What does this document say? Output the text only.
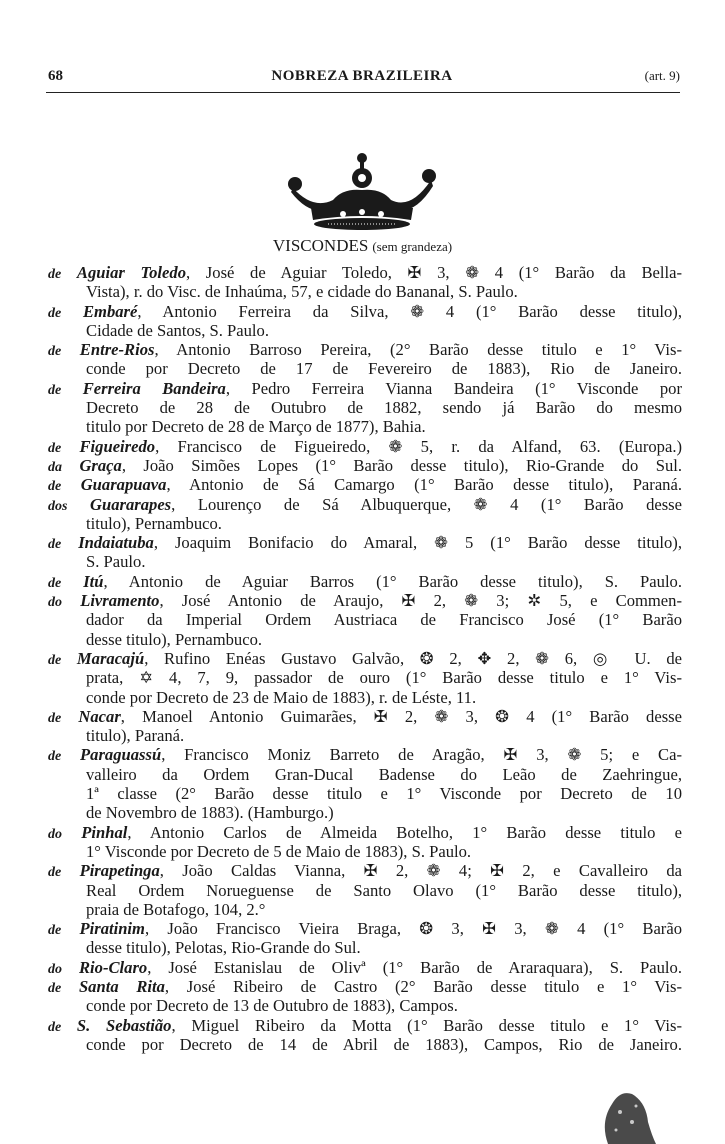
68	NOBREZA BRAZILEIRA	(art. 9)
VISCONDES (sem grandeza)
de Aguiar Toledo, José de Aguiar Toledo, ✠ 3, ❁ 4 (1° Barão da Bella-
Vista), r. do Visc. de Inhaúma, 57, e cidade do Bananal, S. Paulo.
de Embaré, Antonio Ferreira da Silva, ❁ 4 (1° Barão desse titulo),
Cidade de Santos, S. Paulo.
de Entre-Rios, Antonio Barroso Pereira, (2° Barão desse titulo e 1° Vis-
conde por Decreto de 17 de Fevereiro de 1883), Rio de Janeiro.
de Ferreira Bandeira, Pedro Ferreira Vianna Bandeira (1° Visconde por
Decreto de 28 de Outubro de 1882, sendo já Barão do mesmo
titulo por Decreto de 28 de Março de 1877), Bahia.
de Figueiredo, Francisco de Figueiredo, ❁ 5, r. da Alfand, 63. (Europa.)
da Graça, João Simões Lopes (1° Barão desse titulo), Rio-Grande do Sul.
de Guarapuava, Antonio de Sá Camargo (1° Barão desse titulo), Paraná.
dos Guararapes, Lourenço de Sá Albuquerque, ❁ 4 (1° Barão desse
titulo), Pernambuco.
de Indaiatuba, Joaquim Bonifacio do Amaral, ❁ 5 (1° Barão desse titulo),
S. Paulo.
de Itú, Antonio de Aguiar Barros (1° Barão desse titulo), S. Paulo.
do Livramento, José Antonio de Araujo, ✠ 2, ❁ 3; ✲ 5, e Commen-
dador da Imperial Ordem Austriaca de Francisco José (1° Barão
desse titulo), Pernambuco.
de Maracajú, Rufino Enéas Gustavo Galvão, ❂ 2, ✥ 2, ❁ 6, ◎ U. de
prata, ✡ 4, 7, 9, passador de ouro (1° Barão desse titulo e 1° Vis-
conde por Decreto de 23 de Maio de 1883), r. de Léste, 11.
de Nacar, Manoel Antonio Guimarães, ✠ 2, ❁ 3, ❂ 4 (1° Barão desse
titulo), Paraná.
de Paraguassú, Francisco Moniz Barreto de Aragão, ✠ 3, ❁ 5; e Ca-
valleiro da Ordem Gran-Ducal Badense do Leão de Zaehringue,
1ª classe (2° Barão desse titulo e 1° Visconde por Decreto de 10
de Novembro de 1883). (Hamburgo.)
do Pinhal, Antonio Carlos de Almeida Botelho, 1° Barão desse titulo e
1° Visconde por Decreto de 5 de Maio de 1883), S. Paulo.
de Pirapetinga, João Caldas Vianna, ✠ 2, ❁ 4; ✠ 2, e Cavalleiro da
Real Ordem Norueguense de Santo Olavo (1° Barão desse titulo),
praia de Botafogo, 104, 2.°
de Piratinim, João Francisco Vieira Braga, ❂ 3, ✠ 3, ❁ 4 (1° Barão
desse titulo), Pelotas, Rio-Grande do Sul.
do Rio-Claro, José Estanislau de Olivª (1° Barão de Araraquara), S. Paulo.
de Santa Rita, José Ribeiro de Castro (2° Barão desse titulo e 1° Vis-
conde por Decreto de 13 de Outubro de 1883), Campos.
de S. Sebastião, Miguel Ribeiro da Motta (1° Barão desse titulo e 1° Vis-
conde por Decreto de 14 de Abril de 1883), Campos, Rio de Janeiro.
